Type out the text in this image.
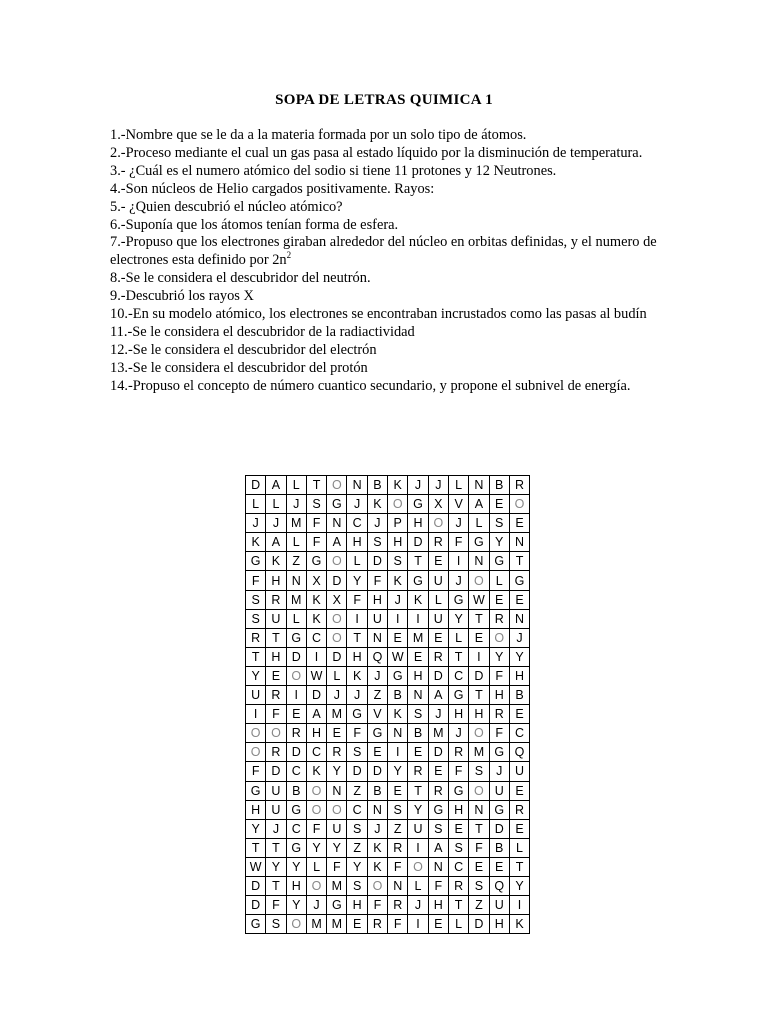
SOPA DE LETRAS QUIMICA 1

1.-Nombre que se le da a la materia formada por un solo tipo de átomos.

2.-Proceso mediante el cual un gas pasa al estado líquido por la disminución de temperatura.

3.- ¿Cuál es el numero atómico del sodio si tiene 11 protones y 12 Neutrones.

4.-Son núcleos de Helio cargados positivamente. Rayos:

5.- ¿Quien descubrió el núcleo atómico?

6.-Suponía que los átomos tenían forma de esfera.

7.-Propuso que los electrones giraban alrededor del núcleo en orbitas definidas, y el numero de electrones esta definido por $2n^2$

8.-Se le considera el descubridor del neutrón.

9.-Descubrió los rayos X

10.-En su modelo atómico, los electrones se encontraban incrustados como las pasas al budín

11.-Se le considera el descubridor de la radiactividad

12.-Se le considera el descubridor del electrón

13.-Se le considera el descubridor del protón

14.-Propuso el concepto de número cuantico secundario, y propone el subnivel de energía.

D	A	L	T	O	N	B	K	J	J	L	N	B	R
L	L	J	S	G	J	K	O	G	X	V	A	E	O
J	J	M	F	N	C	J	P	H	O	J	L	S	E
K	A	L	F	A	H	S	H	D	R	F	G	Y	N
G	K	Z	G	O	L	D	S	T	E	I	N	G	T
F	H	N	X	D	Y	F	K	G	U	J	O	L	G
S	R	M	K	X	F	H	J	K	L	G	W	E	E
S	U	L	K	O	I	U	I	I	U	Y	T	R	N
R	T	G	C	O	T	N	E	M	E	L	E	O	J
T	H	D	I	D	H	Q	W	E	R	T	I	Y	Y
Y	E	O	W	L	K	J	G	H	D	C	D	F	H
U	R	I	D	J	J	Z	B	N	A	G	T	H	B
I	F	E	A	M	G	V	K	S	J	H	H	R	E
O	O	R	H	E	F	G	N	B	M	J	O	F	C
O	R	D	C	R	S	E	I	E	D	R	M	G	Q
F	D	C	K	Y	D	D	Y	R	E	F	S	J	U
G	U	B	O	N	Z	B	E	T	R	G	O	U	E
H	U	G	O	O	C	N	S	Y	G	H	N	G	R
Y	J	C	F	U	S	J	Z	U	S	E	T	D	E
T	T	G	Y	Y	Z	K	R	I	A	S	F	B	L
W	Y	Y	L	F	Y	K	F	O	N	C	E	E	T
D	T	H	O	M	S	O	N	L	F	R	S	Q	Y
D	F	Y	J	G	H	F	R	J	H	T	Z	U	I
G	S	O	M	M	E	R	F	I	E	L	D	H	K
